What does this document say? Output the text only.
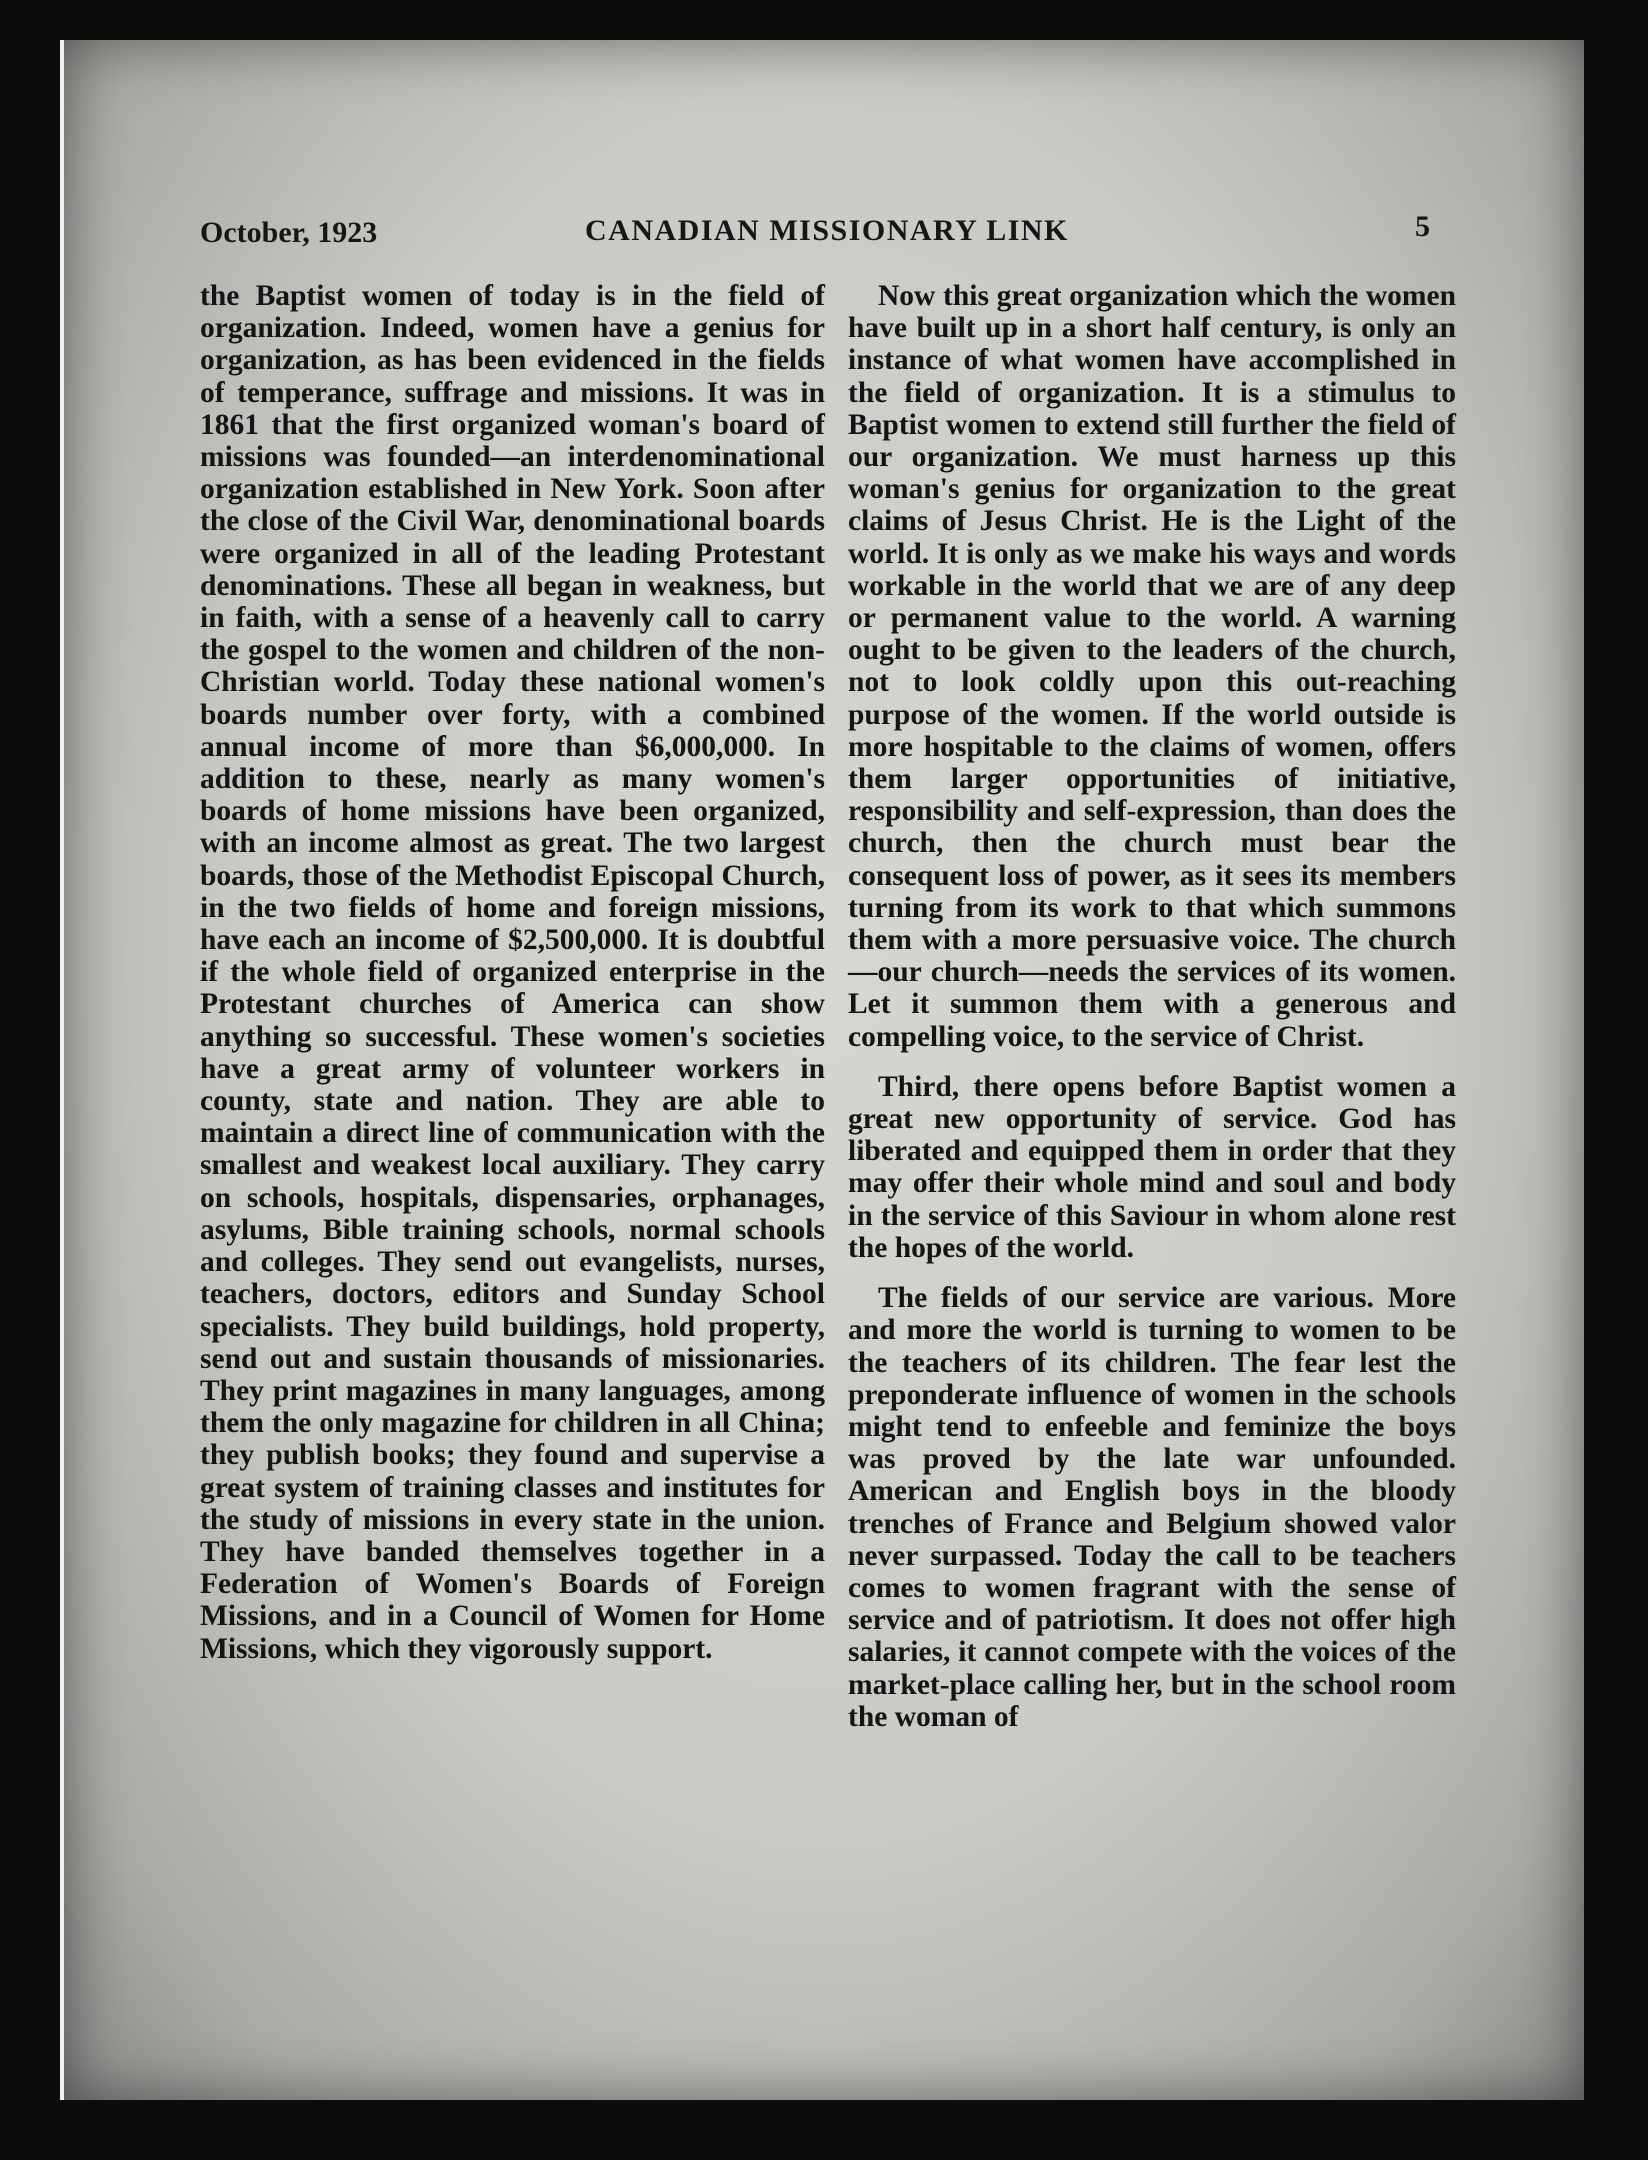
October, 1923	CANADIAN MISSIONARY LINK	5

the Baptist women of today is in the field of organization. Indeed, women have a genius for organization, as has been evidenced in the fields of temperance, suffrage and missions. It was in 1861 that the first organized woman's board of missions was founded—an interdenominational organization established in New York. Soon after the close of the Civil War, denominational boards were organized in all of the leading Protestant denominations. These all began in weakness, but in faith, with a sense of a heavenly call to carry the gospel to the women and children of the non-Christian world. Today these national women's boards number over forty, with a combined annual income of more than $6,000,000. In addition to these, nearly as many women's boards of home missions have been organized, with an income almost as great. The two largest boards, those of the Methodist Episcopal Church, in the two fields of home and foreign missions, have each an income of $2,500,000. It is doubtful if the whole field of organized enterprise in the Protestant churches of America can show anything so successful. These women's societies have a great army of volunteer workers in county, state and nation. They are able to maintain a direct line of communication with the smallest and weakest local auxiliary. They carry on schools, hospitals, dispensaries, orphanages, asylums, Bible training schools, normal schools and colleges. They send out evangelists, nurses, teachers, doctors, editors and Sunday School specialists. They build buildings, hold property, send out and sustain thousands of missionaries. They print magazines in many languages, among them the only magazine for children in all China; they publish books; they found and supervise a great system of training classes and institutes for the study of missions in every state in the union. They have banded themselves together in a Federation of Women's Boards of Foreign Missions, and in a Council of Women for Home Missions, which they vigorously support.

Now this great organization which the women have built up in a short half century, is only an instance of what women have accomplished in the field of organization. It is a stimulus to Baptist women to extend still further the field of our organization. We must harness up this woman's genius for organization to the great claims of Jesus Christ. He is the Light of the world. It is only as we make his ways and words workable in the world that we are of any deep or permanent value to the world. A warning ought to be given to the leaders of the church, not to look coldly upon this out-reaching purpose of the women. If the world outside is more hospitable to the claims of women, offers them larger opportunities of initiative, responsibility and self-expression, than does the church, then the church must bear the consequent loss of power, as it sees its members turning from its work to that which summons them with a more persuasive voice. The church —our church—needs the services of its women. Let it summon them with a generous and compelling voice, to the service of Christ.

Third, there opens before Baptist women a great new opportunity of service. God has liberated and equipped them in order that they may offer their whole mind and soul and body in the service of this Saviour in whom alone rest the hopes of the world.

The fields of our service are various. More and more the world is turning to women to be the teachers of its children. The fear lest the preponderate influence of women in the schools might tend to enfeeble and feminize the boys was proved by the late war unfounded. American and English boys in the bloody trenches of France and Belgium showed valor never surpassed. Today the call to be teachers comes to women fragrant with the sense of service and of patriotism. It does not offer high salaries, it cannot compete with the voices of the market-place calling her, but in the school room the woman of
